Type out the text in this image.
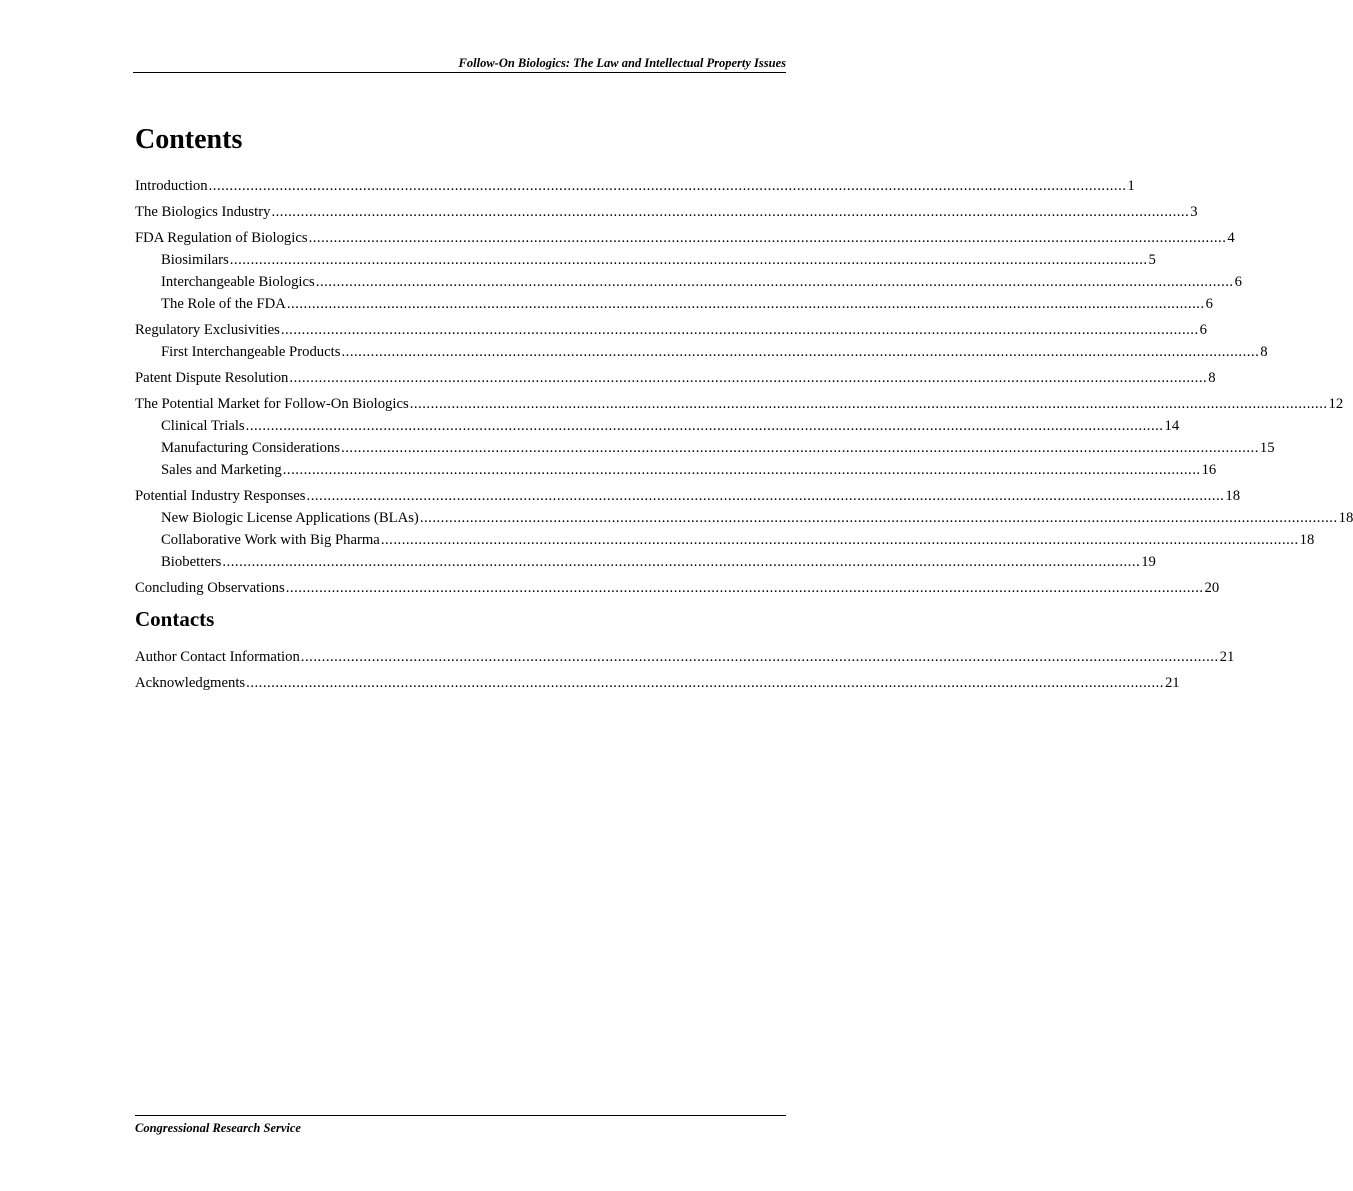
Follow-On Biologics: The Law and Intellectual Property Issues
Contents
Introduction ............................................................................................................................................................................................................................ 1
The Biologics Industry ............................................................................................................................................................................................................................ 3
FDA Regulation of Biologics ............................................................................................................................................................................................................................ 4
Biosimilars ............................................................................................................................................................................................................................ 5
Interchangeable Biologics ............................................................................................................................................................................................................................ 6
The Role of the FDA ............................................................................................................................................................................................................................ 6
Regulatory Exclusivities ............................................................................................................................................................................................................................ 6
First Interchangeable Products ............................................................................................................................................................................................................................ 8
Patent Dispute Resolution ............................................................................................................................................................................................................................ 8
The Potential Market for Follow-On Biologics ............................................................................................................................................................................................................................ 12
Clinical Trials ............................................................................................................................................................................................................................ 14
Manufacturing Considerations ............................................................................................................................................................................................................................ 15
Sales and Marketing ............................................................................................................................................................................................................................ 16
Potential Industry Responses ............................................................................................................................................................................................................................ 18
New Biologic License Applications (BLAs) ............................................................................................................................................................................................................................ 18
Collaborative Work with Big Pharma ............................................................................................................................................................................................................................ 18
Biobetters ............................................................................................................................................................................................................................ 19
Concluding Observations ............................................................................................................................................................................................................................ 20
Contacts
Author Contact Information ............................................................................................................................................................................................................................ 21
Acknowledgments ............................................................................................................................................................................................................................ 21
Congressional Research Service
